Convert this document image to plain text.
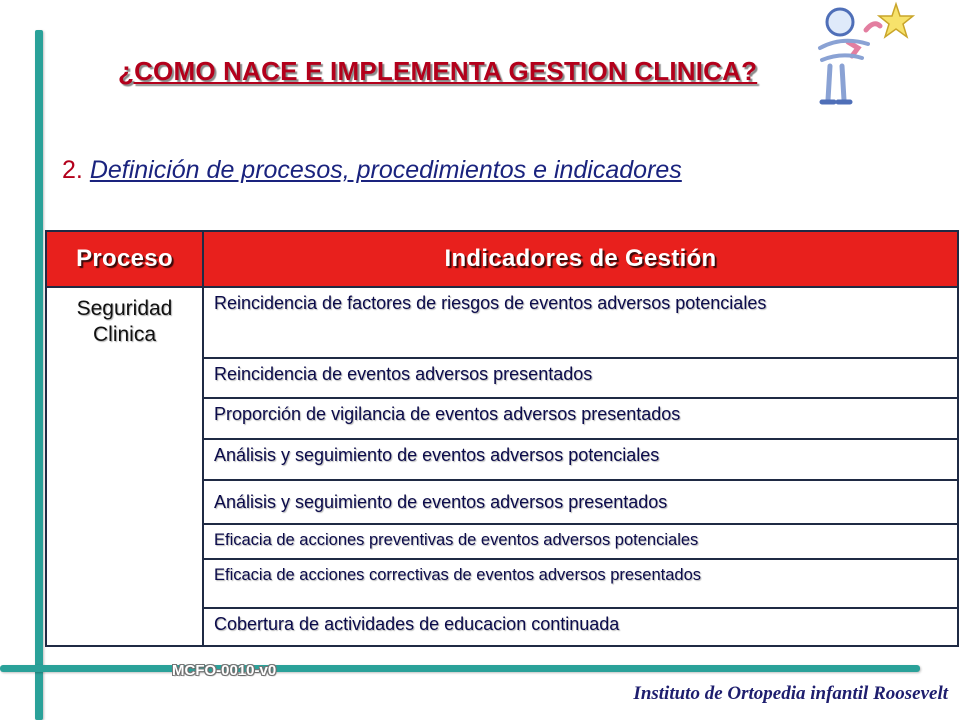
¿COMO NACE E IMPLEMENTA GESTION CLINICA?
2. Definición de procesos, procedimientos e indicadores
Proceso	Indicadores de Gestión
Seguridad
Clinica	Reincidencia de factores de riesgos de eventos adversos potenciales
	Reincidencia de eventos adversos presentados
	Proporción de vigilancia de eventos adversos presentados
	Análisis y seguimiento de eventos adversos potenciales
	Análisis y seguimiento de eventos adversos presentados
	Eficacia de acciones preventivas de eventos adversos potenciales
	Eficacia de acciones correctivas de eventos adversos presentados
	Cobertura de actividades de educacion continuada
MCFO-0010-v0
Instituto de Ortopedia infantil Roosevelt
